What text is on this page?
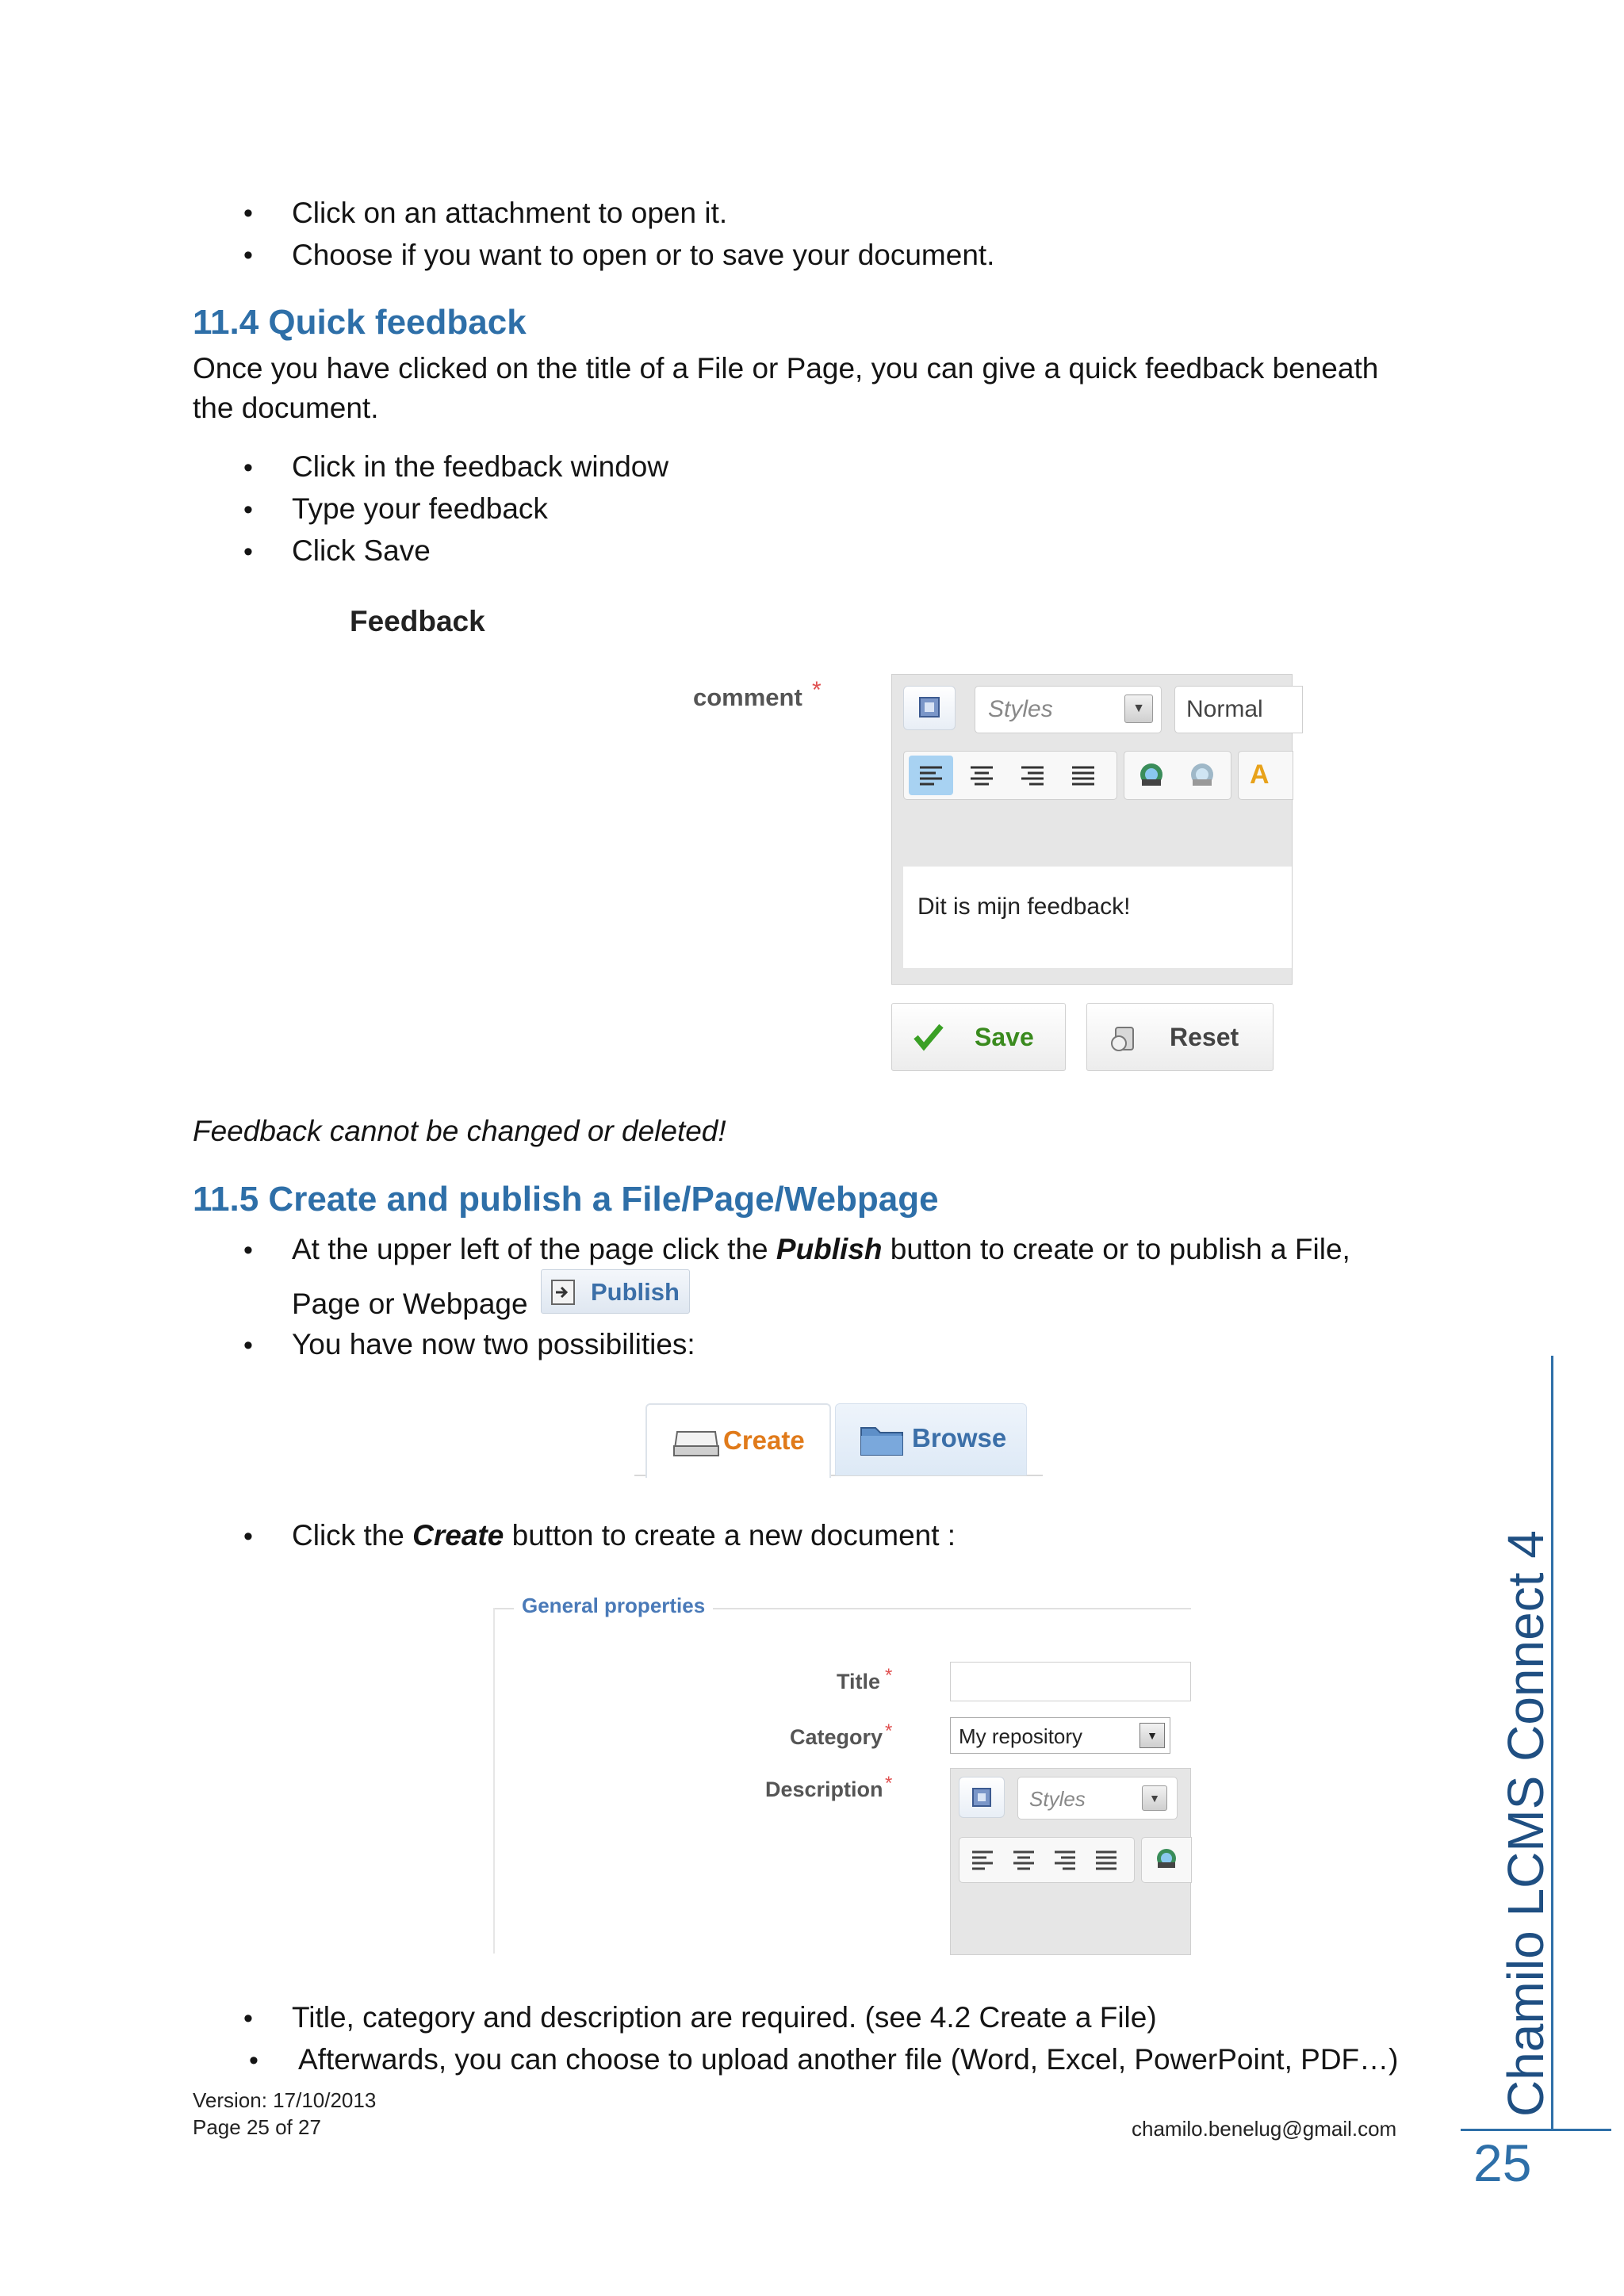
• Click on an attachment to open it.
• Choose if you want to open or to save your document.
11.4 Quick feedback
Once you have clicked on the title of a File or Page, you can give a quick feedback beneath
the document.
• Click in the feedback window
• Type your feedback
• Click Save
Feedback
comment *
Styles	▼	Normal
A
Dit is mijn feedback!
Save	Reset
Feedback cannot be changed or deleted!
11.5 Create and publish a File/Page/Webpage
• At the upper left of the page click the Publish button to create or to publish a File,
Page or Webpage	Publish
• You have now two possibilities:
Create	Browse
• Click the Create button to create a new document :
General properties
Title *
Category *	My repository	▼
Description *
Styles	▼
• Title, category and description are required. (see 4.2 Create a File)
• Afterwards, you can choose to upload another file (Word, Excel, PowerPoint, PDF…)
Version: 17/10/2013
Page 25 of 27	chamilo.benelug@gmail.com
Chamilo LCMS Connect 4
25
